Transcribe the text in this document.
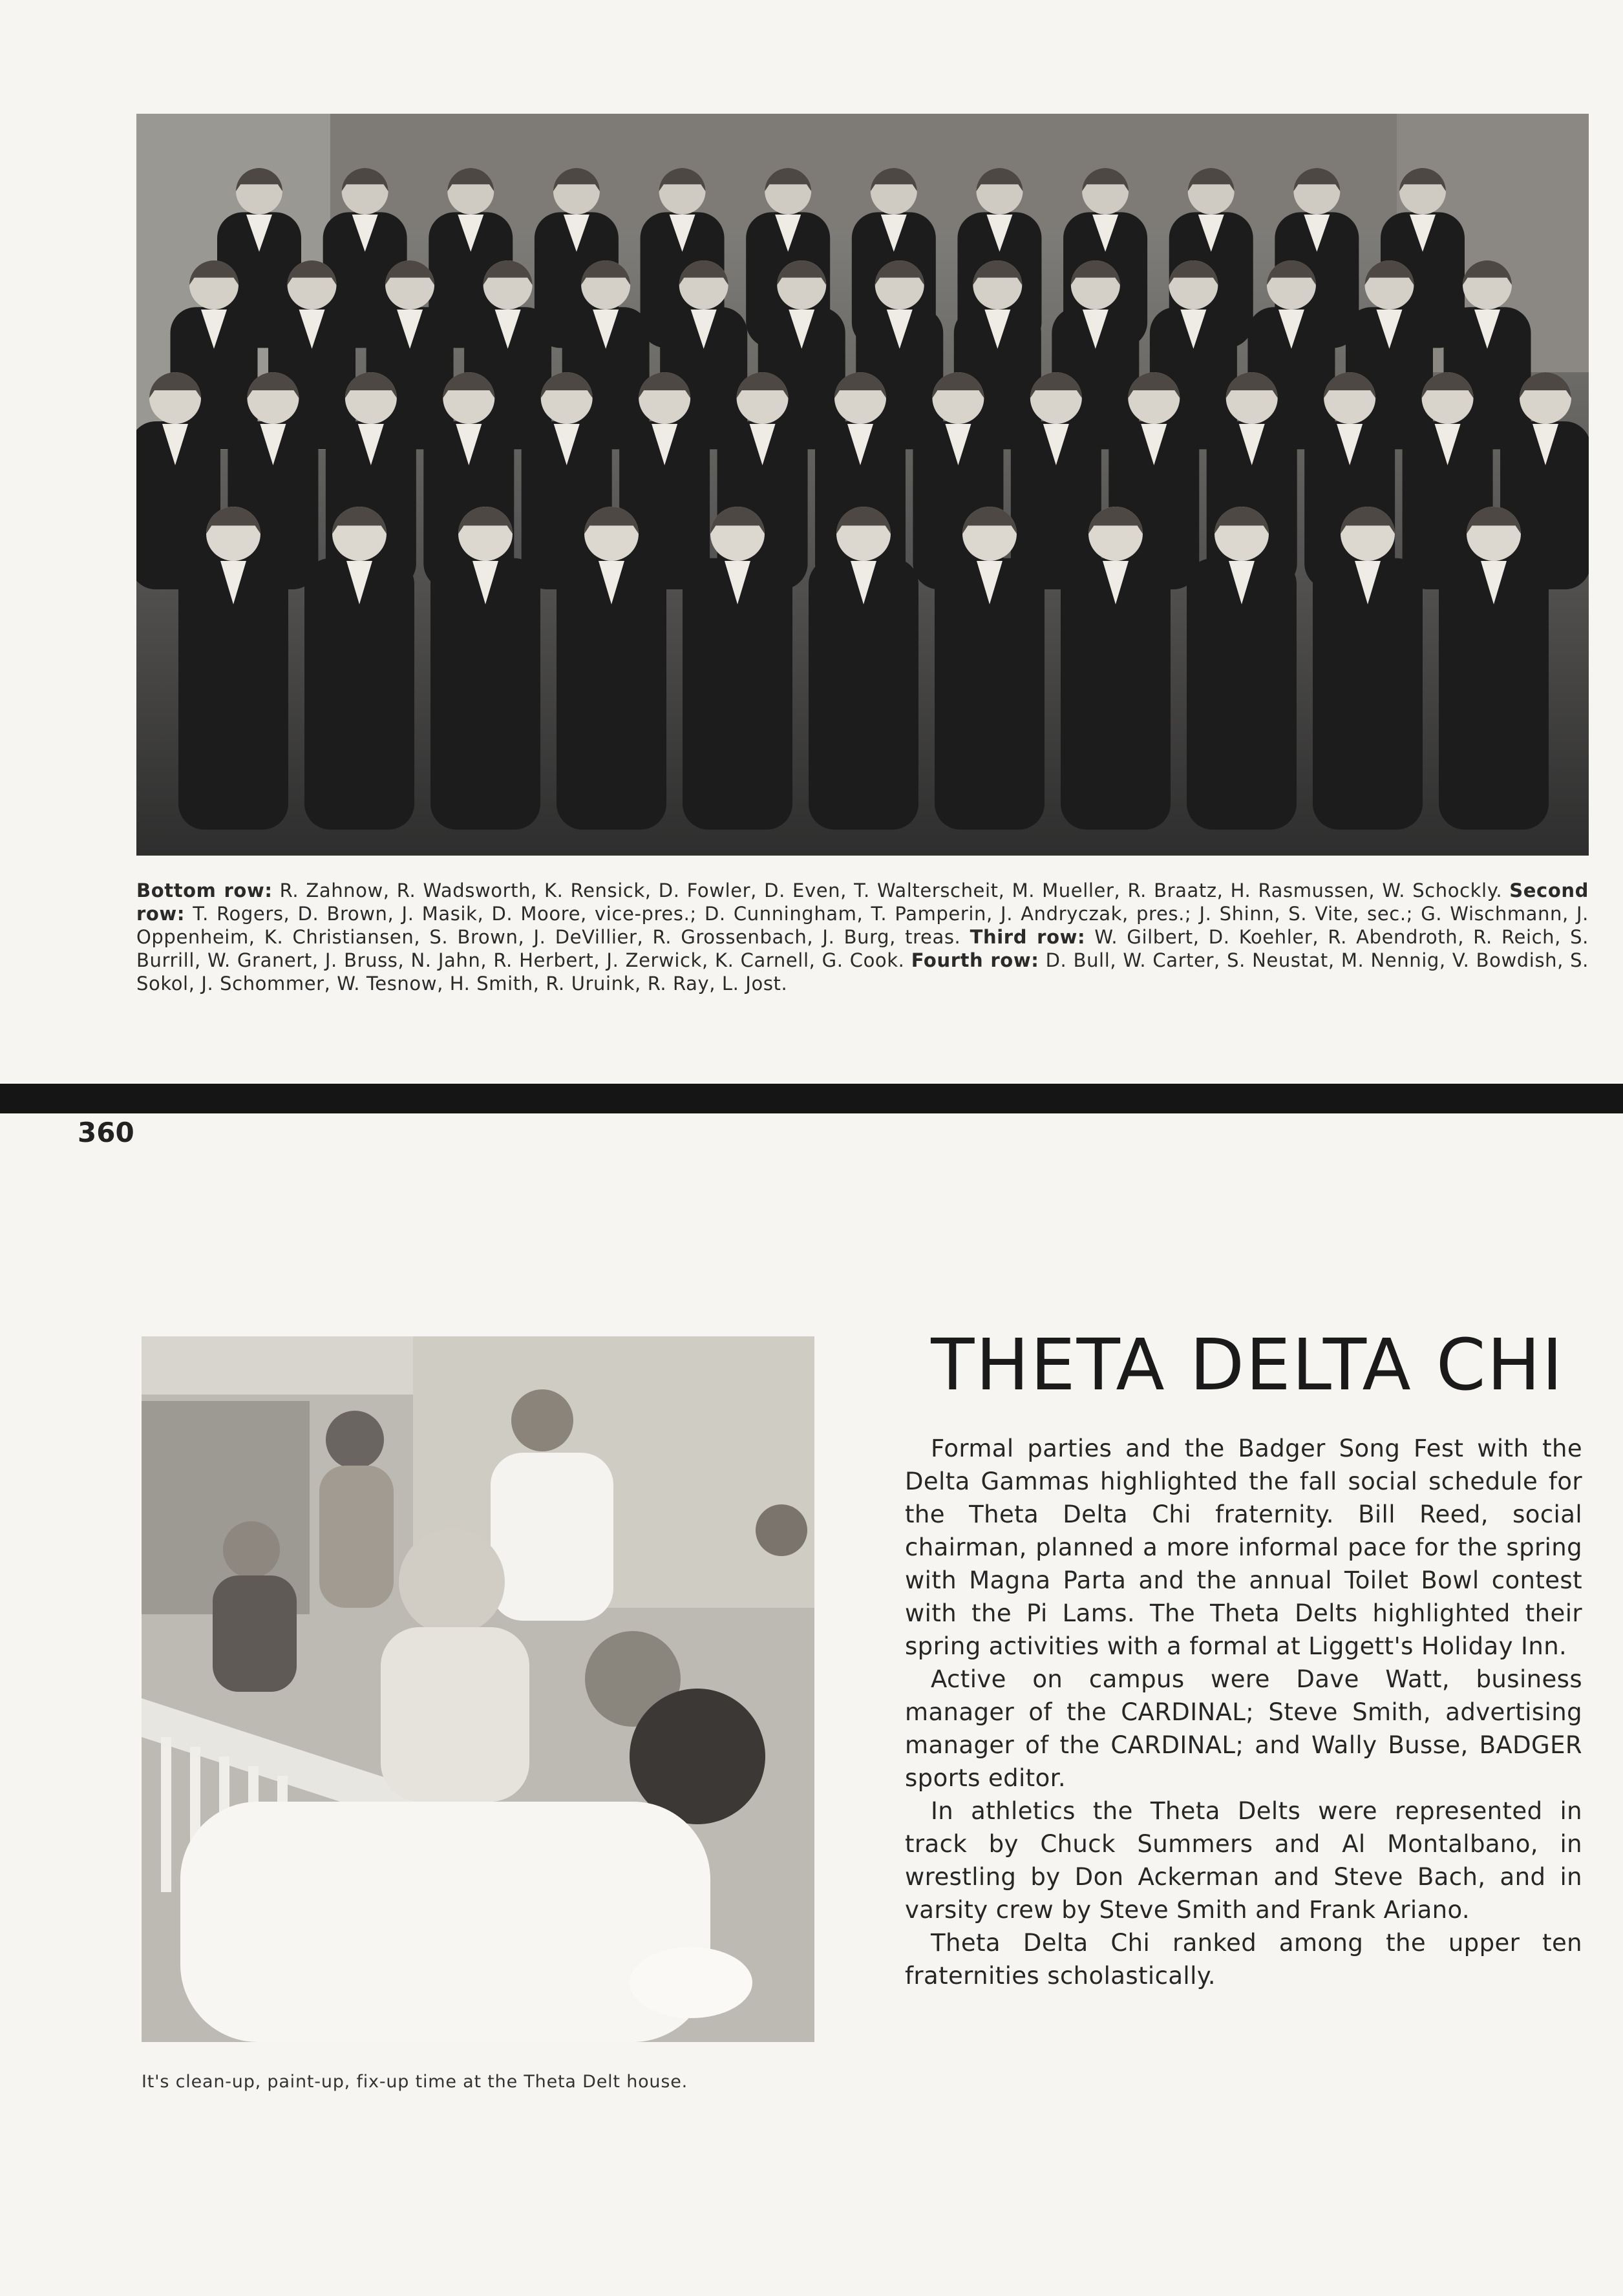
Bottom row: R. Zahnow, R. Wadsworth, K. Rensick, D. Fowler, D. Even, T. Walterscheit, M. Mueller, R. Braatz, H. Rasmussen, W. Schockly. Second row: T. Rogers, D. Brown, J. Masik, D. Moore, vice-pres.; D. Cunningham, T. Pamperin, J. Andryczak, pres.; J. Shinn, S. Vite, sec.; G. Wischmann, J. Oppenheim, K. Christiansen, S. Brown, J. DeVillier, R. Grossenbach, J. Burg, treas. Third row: W. Gilbert, D. Koehler, R. Abendroth, R. Reich, S. Burrill, W. Granert, J. Bruss, N. Jahn, R. Herbert, J. Zerwick, K. Carnell, G. Cook. Fourth row: D. Bull, W. Carter, S. Neustat, M. Nennig, V. Bowdish, S. Sokol, J. Schommer, W. Tesnow, H. Smith, R. Uruink, R. Ray, L. Jost.
360
THETA DELTA CHI

Formal parties and the Badger Song Fest with the Delta Gammas highlighted the fall social schedule for the Theta Delta Chi fraternity. Bill Reed, social chairman, planned a more informal pace for the spring with Magna Parta and the annual Toilet Bowl contest with the Pi Lams. The Theta Delts highlighted their spring activities with a formal at Liggett's Holiday Inn.

Active on campus were Dave Watt, business manager of the CARDINAL; Steve Smith, advertising manager of the CARDINAL; and Wally Busse, BADGER sports editor.

In athletics the Theta Delts were represented in track by Chuck Summers and Al Montalbano, in wrestling by Don Ackerman and Steve Bach, and in varsity crew by Steve Smith and Frank Ariano.

Theta Delta Chi ranked among the upper ten fraternities scholastically.

It's clean-up, paint-up, fix-up time at the Theta Delt house.
